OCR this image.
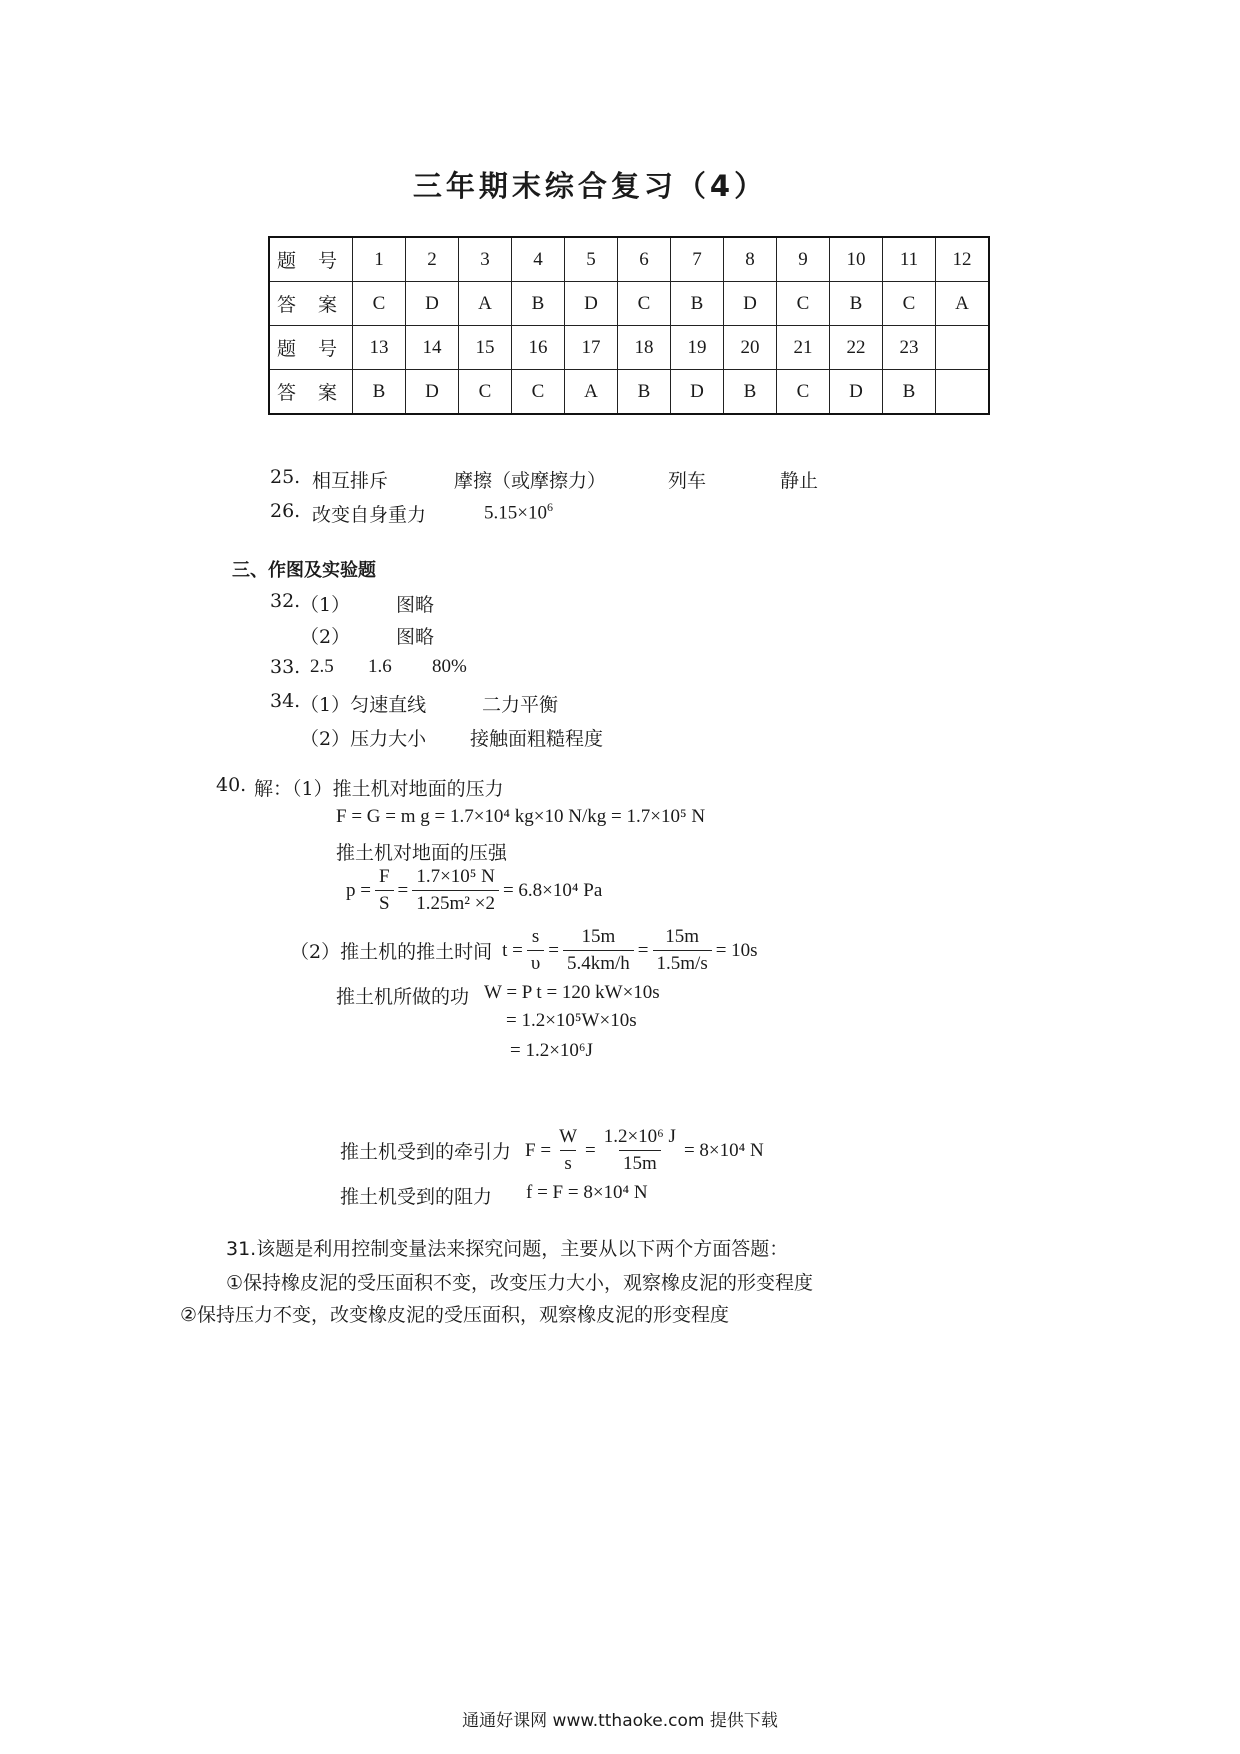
三年期末综合复习（4）
题 号	1	2	3	4	5	6	7	8	9	10	11	12
答 案	C	D	A	B	D	C	B	D	C	B	C	A
题 号	13	14	15	16	17	18	19	20	21	22	23	
答 案	B	D	C	C	A	B	D	B	C	D	B	
25. 相互排斥	摩擦（或摩擦力）	列车	静止
26. 改变自身重力	$5.15\times 10^6$
三、作图及实验题
32. （1） 图略
（2） 图略
33. 2.5 1.6 80%
34. （1）匀速直线	二力平衡
（2）压力大小 接触面粗糙程度
40. 解：（1）推土机对地面的压力
F = G = m g = 1.7×10⁴ kg×10 N/kg = 1.7×10⁵ N
推土机对地面的压强
$p = \frac{F}{S} = \frac{\text{1.7×10⁵ N}}{\text{1.25m² ×2}} = 6.8\times 10^4$ Pa
（2）推土机的推土时间 $t = \frac{s}{\upsilon} = \frac{15m}{5.4km/h} = \frac{15m}{1.5m/s} = 10s$
推土机所做的功 W = P t = 120 kW×10s
= 1.2×10⁵W×10s
= 1.2×10⁶J
推土机受到的牵引力 $F = \frac{W}{s} = \frac{\text{1.2×10⁶ J}}{15m} = 8\times 10^4$ N
推土机受到的阻力 f = F = 8×10⁴ N
31.该题是利用控制变量法来探究问题，主要从以下两个方面答题：
①保持橡皮泥的受压面积不变，改变压力大小，观察橡皮泥的形变程度
②保持压力不变，改变橡皮泥的受压面积，观察橡皮泥的形变程度
通通好课网 www.tthaoke.com 提供下载
